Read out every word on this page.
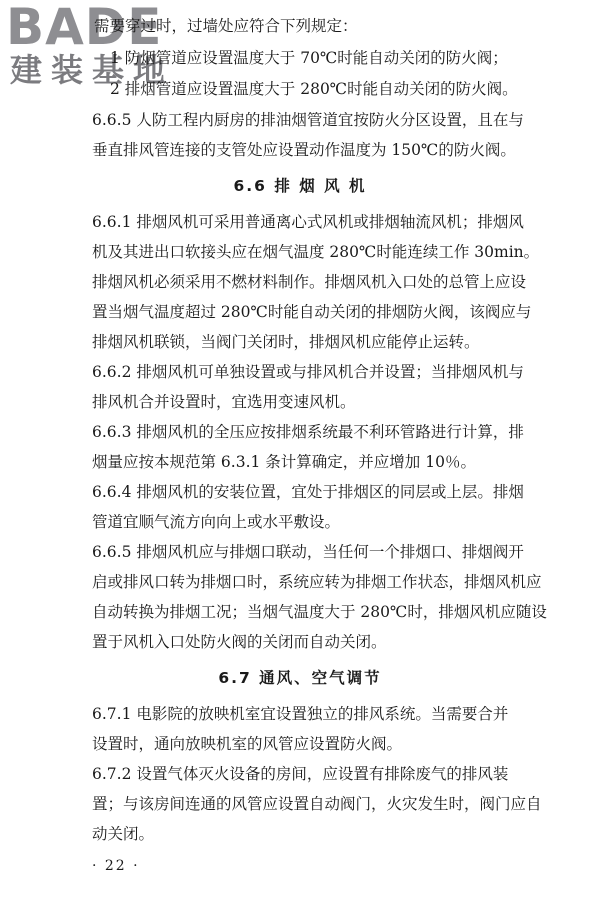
BADE
建装基地
需要穿过时，过墙处应符合下列规定：
1 防烟管道应设置温度大于 70℃时能自动关闭的防火阀；
2 排烟管道应设置温度大于 280℃时能自动关闭的防火阀。
6.6.5 人防工程内厨房的排油烟管道宜按防火分区设置，且在与
垂直排风管连接的支管处应设置动作温度为 150℃的防火阀。
6.6 排 烟 风 机
6.6.1 排烟风机可采用普通离心式风机或排烟轴流风机；排烟风
机及其进出口软接头应在烟气温度 280℃时能连续工作 30min。
排烟风机必须采用不燃材料制作。排烟风机入口处的总管上应设
置当烟气温度超过 280℃时能自动关闭的排烟防火阀，该阀应与
排烟风机联锁，当阀门关闭时，排烟风机应能停止运转。
6.6.2 排烟风机可单独设置或与排风机合并设置；当排烟风机与
排风机合并设置时，宜选用变速风机。
6.6.3 排烟风机的全压应按排烟系统最不利环管路进行计算，排
烟量应按本规范第 6.3.1 条计算确定，并应增加 10％。
6.6.4 排烟风机的安装位置，宜处于排烟区的同层或上层。排烟
管道宜顺气流方向向上或水平敷设。
6.6.5 排烟风机应与排烟口联动，当任何一个排烟口、排烟阀开
启或排风口转为排烟口时，系统应转为排烟工作状态，排烟风机应
自动转换为排烟工况；当烟气温度大于 280℃时，排烟风机应随设
置于风机入口处防火阀的关闭而自动关闭。
6.7 通风、空气调节
6.7.1 电影院的放映机室宜设置独立的排风系统。当需要合并
设置时，通向放映机室的风管应设置防火阀。
6.7.2 设置气体灭火设备的房间，应设置有排除废气的排风装
置；与该房间连通的风管应设置自动阀门，火灾发生时，阀门应自
动关闭。
· 22 ·
